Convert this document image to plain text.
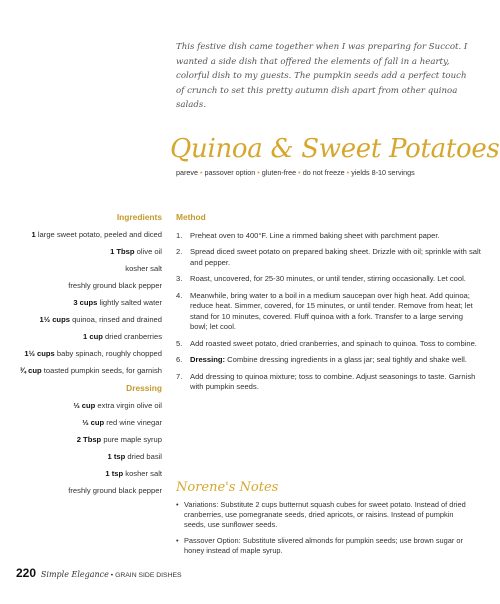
This festive dish came together when I was preparing for Succot. I wanted a side dish that offered the elements of fall in a hearty, colorful dish to my guests. The pumpkin seeds add a perfect touch of crunch to set this pretty autumn dish apart from other quinoa salads.
Quinoa & Sweet Potatoes
pareve • passover option • gluten-free • do not freeze • yields 8-10 servings
Ingredients
1 large sweet potato, peeled and diced
1 Tbsp olive oil
kosher salt
freshly ground black pepper
3 cups lightly salted water
1½ cups quinoa, rinsed and drained
1 cup dried cranberries
1½ cups baby spinach, roughly chopped
¾ cup toasted pumpkin seeds, for garnish
Dressing
⅓ cup extra virgin olive oil
⅓ cup red wine vinegar
2 Tbsp pure maple syrup
1 tsp dried basil
1 tsp kosher salt
freshly ground black pepper
Method
1. Preheat oven to 400°F. Line a rimmed baking sheet with parchment paper.
2. Spread diced sweet potato on prepared baking sheet. Drizzle with oil; sprinkle with salt and pepper.
3. Roast, uncovered, for 25-30 minutes, or until tender, stirring occasionally. Let cool.
4. Meanwhile, bring water to a boil in a medium saucepan over high heat. Add quinoa; reduce heat. Simmer, covered, for 15 minutes, or until tender. Remove from heat; let stand for 10 minutes, covered. Fluff quinoa with a fork. Transfer to a large serving bowl; let cool.
5. Add roasted sweet potato, dried cranberries, and spinach to quinoa. Toss to combine.
6. Dressing: Combine dressing ingredients in a glass jar; seal tightly and shake well.
7. Add dressing to quinoa mixture; toss to combine. Adjust seasonings to taste. Garnish with pumpkin seeds.
Norene's Notes
• Variations: Substitute 2 cups butternut squash cubes for sweet potato. Instead of dried cranberries, use pomegranate seeds, dried apricots, or raisins. Instead of pumpkin seeds, use sunflower seeds.
• Passover Option: Substitute slivered almonds for pumpkin seeds; use brown sugar or honey instead of maple syrup.
220 Simple Elegance • GRAIN SIDE DISHES
